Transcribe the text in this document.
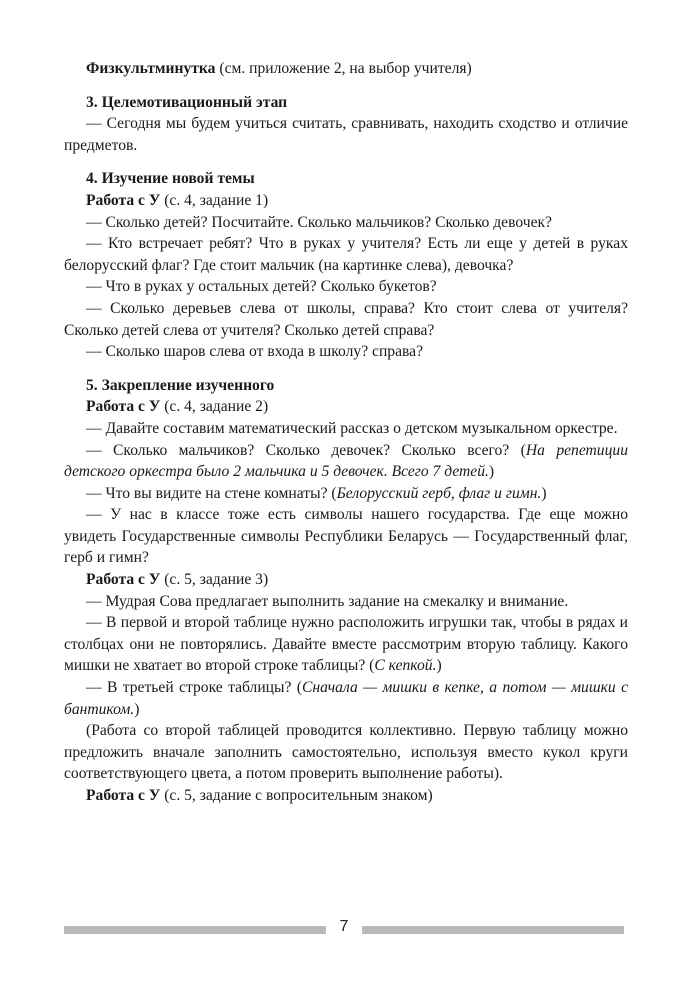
Физкультминутка (см. приложение 2, на выбор учителя)

3. Целемотивационный этап

— Сегодня мы будем учиться считать, сравнивать, находить сходство и отличие предметов.

4. Изучение новой темы

Работа с У (с. 4, задание 1)

— Сколько детей? Посчитайте. Сколько мальчиков? Сколько девочек?

— Кто встречает ребят? Что в руках у учителя? Есть ли еще у детей в руках белорусский флаг? Где стоит мальчик (на картинке слева), девочка?

— Что в руках у остальных детей? Сколько букетов?

— Сколько деревьев слева от школы, справа? Кто стоит слева от учителя? Сколько детей слева от учителя? Сколько детей справа?

— Сколько шаров слева от входа в школу? справа?

5. Закрепление изученного

Работа с У (с. 4, задание 2)

— Давайте составим математический рассказ о детском музыкальном оркестре.

— Сколько мальчиков? Сколько девочек? Сколько всего? (На репетиции детского оркестра было 2 мальчика и 5 девочек. Всего 7 детей.)

— Что вы видите на стене комнаты? (Белорусский герб, флаг и гимн.)

— У нас в классе тоже есть символы нашего государства. Где еще можно увидеть Государственные символы Республики Беларусь — Государственный флаг, герб и гимн?

Работа с У (с. 5, задание 3)

— Мудрая Сова предлагает выполнить задание на смекалку и внимание.

— В первой и второй таблице нужно расположить игрушки так, чтобы в рядах и столбцах они не повторялись. Давайте вместе рассмотрим вторую таблицу. Какого мишки не хватает во второй строке таблицы? (С кепкой.)

— В третьей строке таблицы? (Сначала — мишки в кепке, а потом — мишки с бантиком.)

(Работа со второй таблицей проводится коллективно. Первую таблицу можно предложить вначале заполнить самостоятельно, используя вместо кукол круги соответствующего цвета, а потом проверить выполнение работы).

Работа с У (с. 5, задание с вопросительным знаком)

7
